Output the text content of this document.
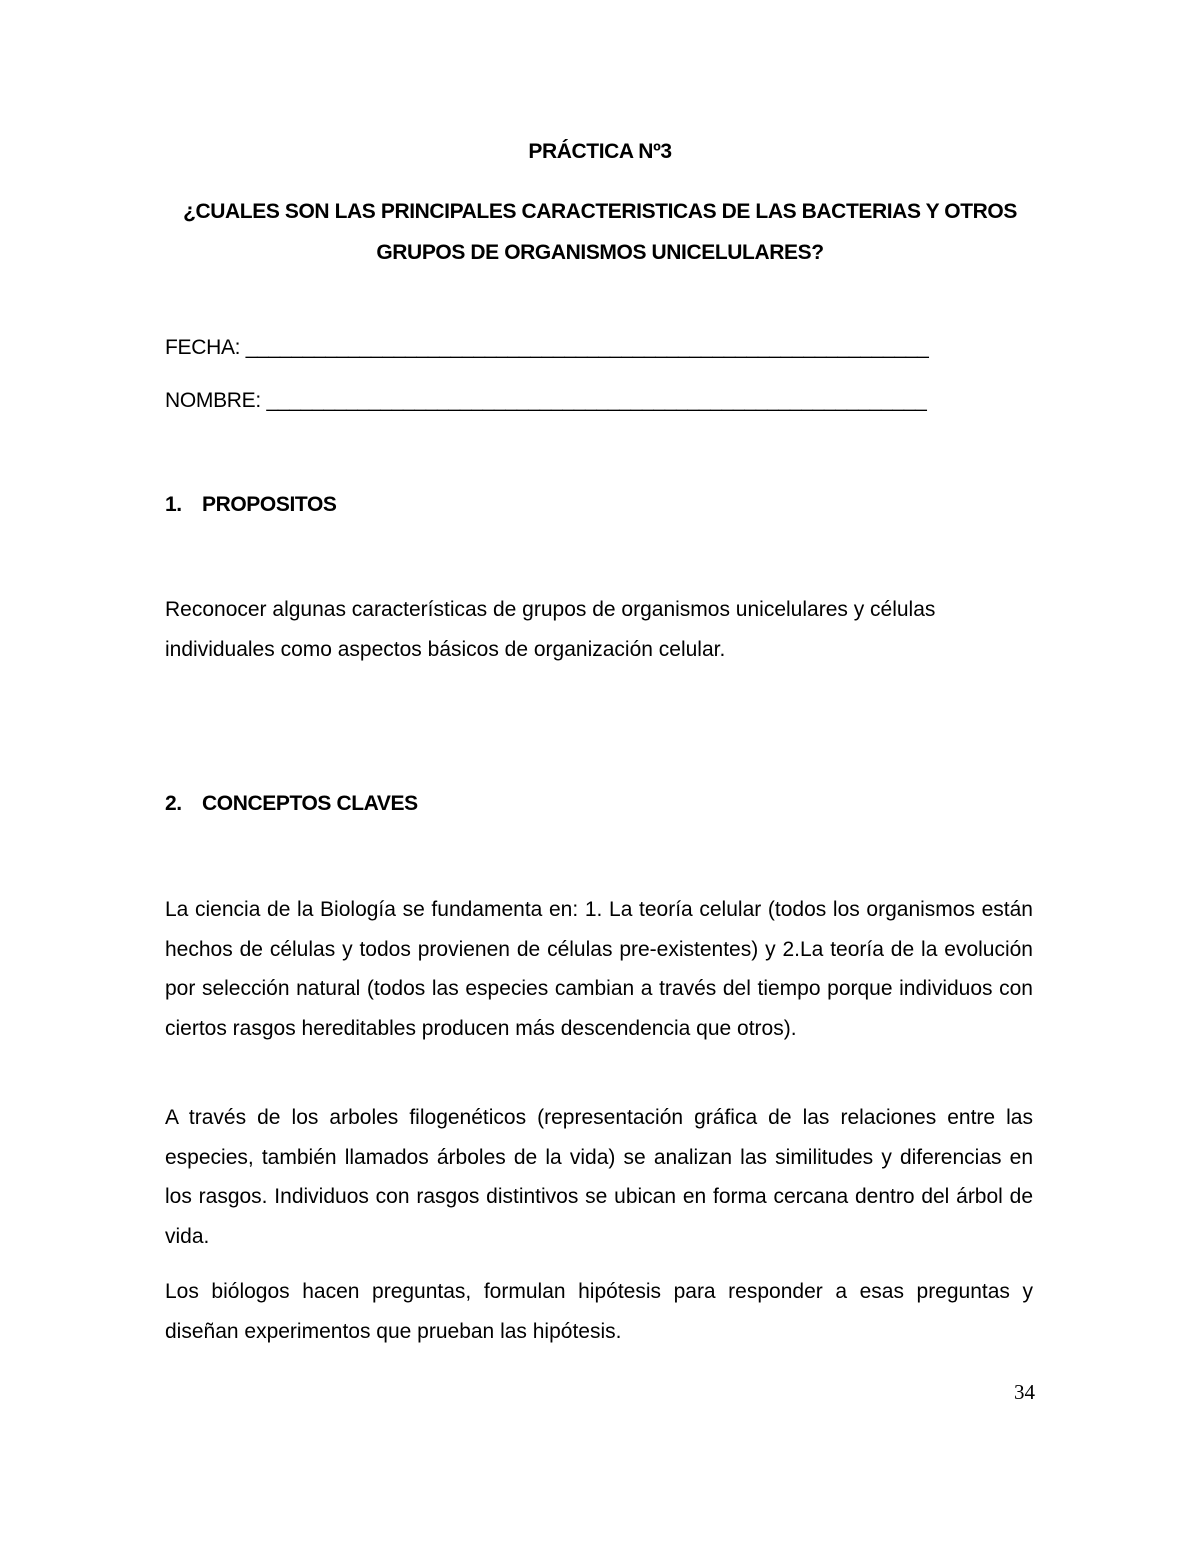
PRÁCTICA Nº3
¿CUALES SON LAS PRINCIPALES CARACTERISTICAS DE LAS BACTERIAS Y OTROS GRUPOS DE ORGANISMOS UNICELULARES?
FECHA: ____________________________________________________________
NOMBRE: __________________________________________________________
1. PROPOSITOS

Reconocer algunas características de grupos de organismos unicelulares y células individuales como aspectos básicos de organización celular.

2. CONCEPTOS CLAVES

La ciencia de la Biología se fundamenta en: 1. La teoría celular (todos los organismos están hechos de células y todos provienen de células pre-existentes) y 2.La teoría de la evolución por selección natural (todos las especies cambian a través del tiempo porque individuos con ciertos rasgos hereditables producen más descendencia que otros).

A través de los arboles filogenéticos (representación gráfica de las relaciones entre las especies, también llamados árboles de la vida) se analizan las similitudes y diferencias en los rasgos. Individuos con rasgos distintivos se ubican en forma cercana dentro del árbol de vida.

Los biólogos hacen preguntas, formulan hipótesis para responder a esas preguntas y diseñan experimentos que prueban las hipótesis.

34
